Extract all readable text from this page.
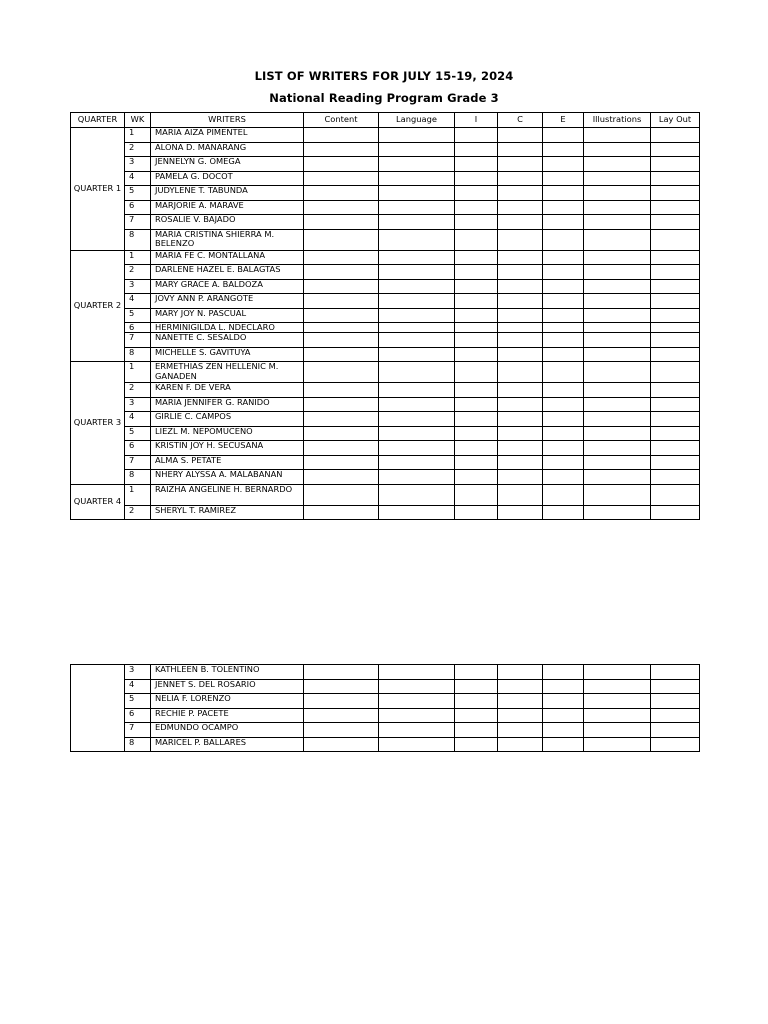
LIST OF WRITERS FOR JULY 15-19, 2024
National Reading Program Grade 3
QUARTER	WK	WRITERS	Content	Language	I	C	E	Illustrations	Lay Out
QUARTER 1	1	MARIA AIZA PIMENTEL							
	2	ALONA D. MANARANG							
	3	JENNELYN G. OMEGA							
	4	PAMELA G. DOCOT							
	5	JUDYLENE T. TABUNDA							
	6	MARJORIE A. MARAVE							
	7	ROSALIE V. BAJADO							
	8	MARIA CRISTINA SHIERRA M. BELENZO							
QUARTER 2	1	MARIA FE C. MONTALLANA							
	2	DARLENE HAZEL E. BALAGTAS							
	3	MARY GRACE A. BALDOZA							
	4	JOVY ANN P. ARANGOTE							
	5	MARY JOY N. PASCUAL							
	6	HERMINIGILDA L. NDECLARO							
	7	NANETTE C. SESALDO							
	8	MICHELLE S. GAVITUYA							
QUARTER 3	1	ERMETHIAS ZEN HELLENIC M. GANADEN							
	2	KAREN F. DE VERA							
	3	MARIA JENNIFER G. RANIDO							
	4	GIRLIE C. CAMPOS							
	5	LIEZL M. NEPOMUCENO							
	6	KRISTIN JOY H. SECUSANA							
	7	ALMA S. PETATE							
	8	NHERY ALYSSA A. MALABANAN							
QUARTER 4	1	RAIZHA ANGELINE H. BERNARDO							
	2	SHERYL T. RAMIREZ							
	3	KATHLEEN B. TOLENTINO							
	4	JENNET S. DEL ROSARIO							
	5	NELIA F. LORENZO							
	6	RECHIE P. PACETE							
	7	EDMUNDO OCAMPO							
	8	MARICEL P. BALLARES							
